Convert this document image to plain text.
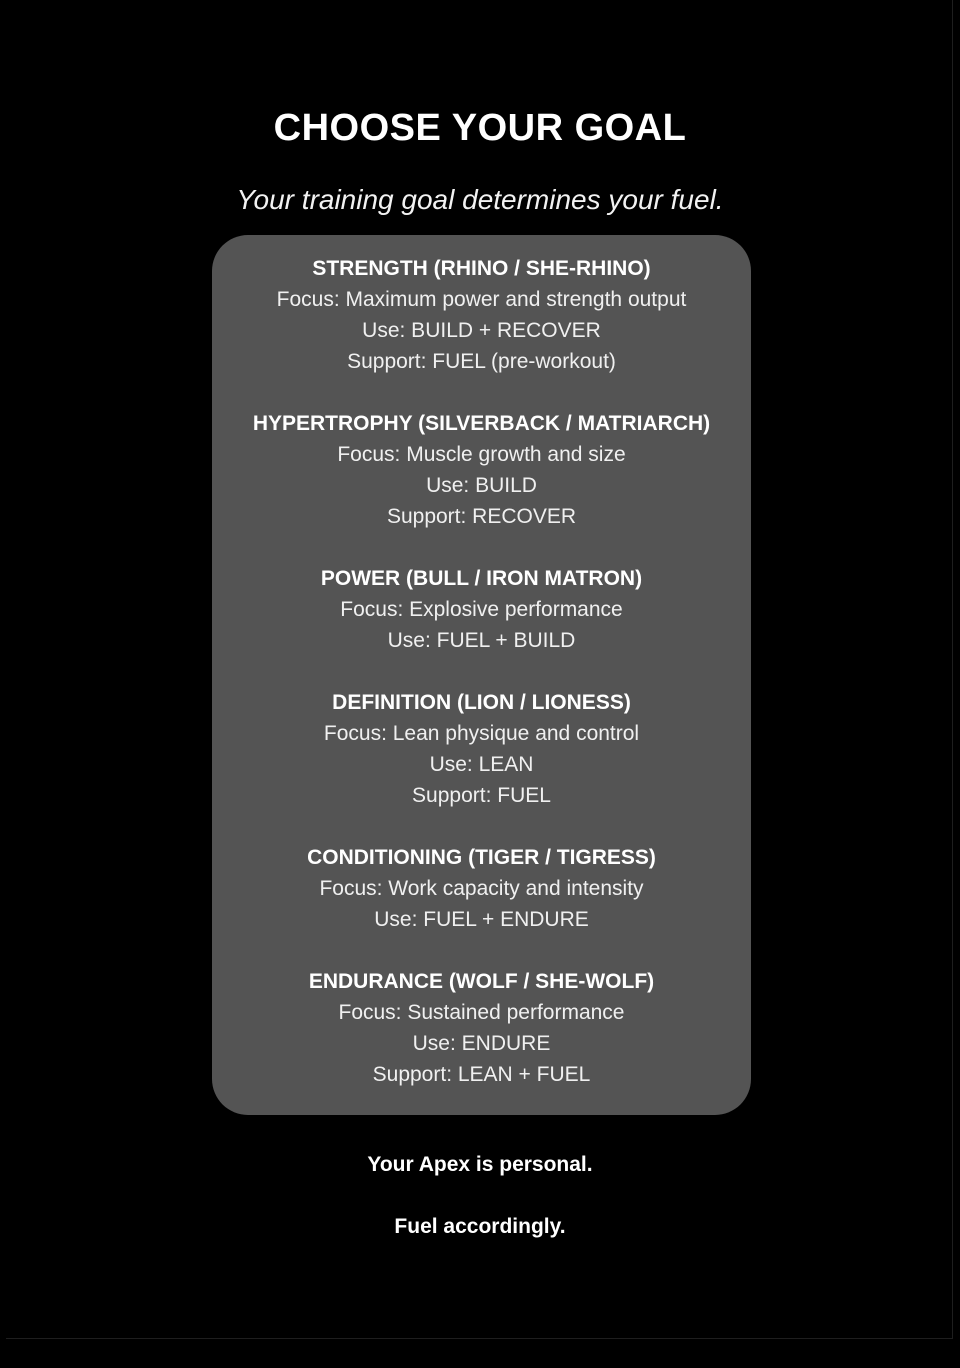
CHOOSE YOUR GOAL
Your training goal determines your fuel.
STRENGTH (RHINO / SHE-RHINO)
Focus: Maximum power and strength output
Use: BUILD + RECOVER
Support: FUEL (pre-workout)
HYPERTROPHY (SILVERBACK / MATRIARCH)
Focus: Muscle growth and size
Use: BUILD
Support: RECOVER
POWER (BULL / IRON MATRON)
Focus: Explosive performance
Use: FUEL + BUILD
DEFINITION (LION / LIONESS)
Focus: Lean physique and control
Use: LEAN
Support: FUEL
CONDITIONING (TIGER / TIGRESS)
Focus: Work capacity and intensity
Use: FUEL + ENDURE
ENDURANCE (WOLF / SHE-WOLF)
Focus: Sustained performance
Use: ENDURE
Support: LEAN + FUEL
Your Apex is personal.
Fuel accordingly.
